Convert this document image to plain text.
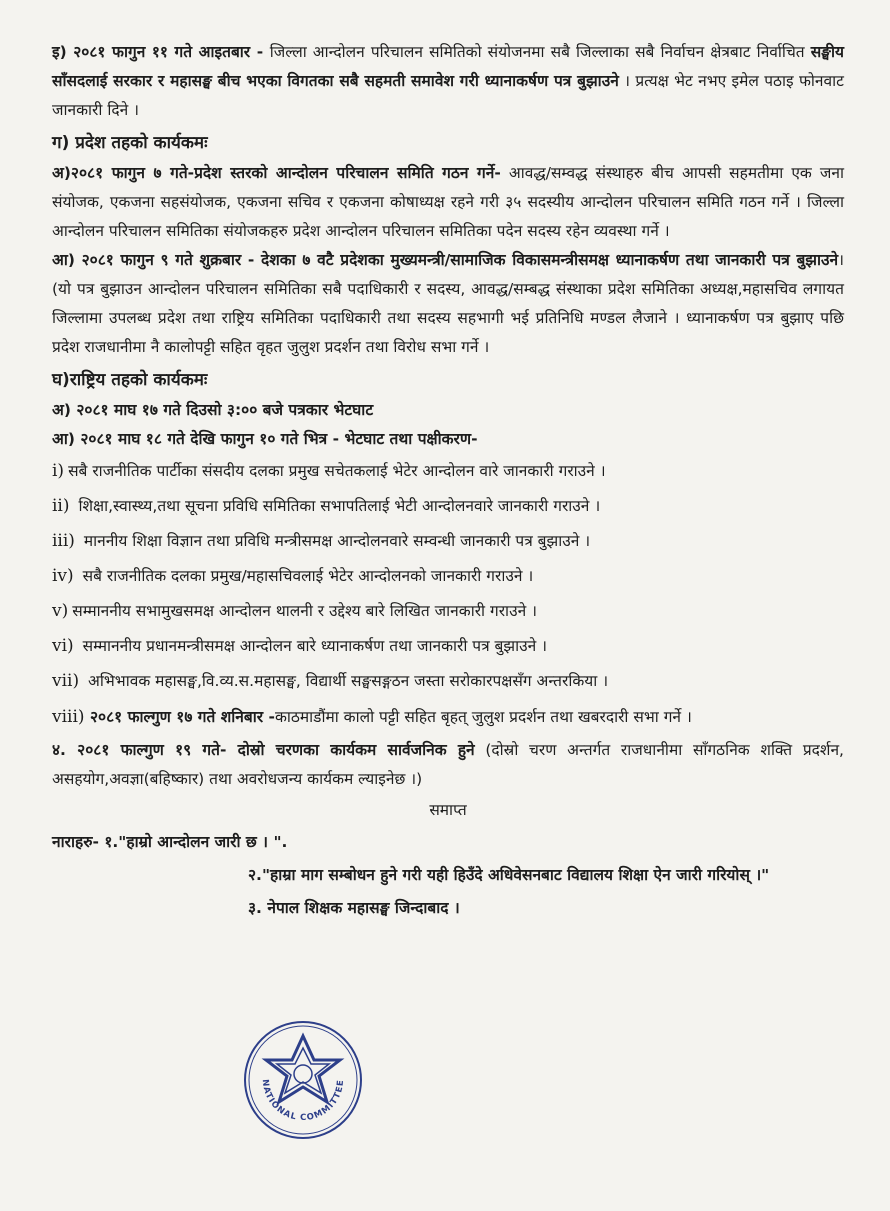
इ) २०८१ फागुन ११ गते आइतबार - जिल्ला आन्दोलन परिचालन समितिको संयोजनमा सबै जिल्लाका सबै निर्वाचन क्षेत्रबाट निर्वाचित सङ्घीय साँसदलाई सरकार र महासङ्घ बीच भएका विगतका सबै सहमती समावेश गरी ध्यानाकर्षण पत्र बुझाउने । प्रत्यक्ष भेट नभए इमेल पठाइ फोनवाट जानकारी दिने ।

ग) प्रदेश तहको कार्यकमः

अ)२०८१ फागुन ७ गते-प्रदेश स्तरको आन्दोलन परिचालन समिति गठन गर्ने- आवद्ध/सम्वद्ध संस्थाहरु बीच आपसी सहमतीमा एक जना संयोजक, एकजना सहसंयोजक, एकजना सचिव र एकजना कोषाध्यक्ष रहने गरी ३५ सदस्यीय आन्दोलन परिचालन समिति गठन गर्ने । जिल्ला आन्दोलन परिचालन समितिका संयोजकहरु प्रदेश आन्दोलन परिचालन समितिका पदेन सदस्य रहेन व्यवस्था गर्ने ।

आ) २०८१ फागुन ९ गते शुक्रबार - देशका ७ वटै प्रदेशका मुख्यमन्त्री/सामाजिक विकासमन्त्रीसमक्ष ध्यानाकर्षण तथा जानकारी पत्र बुझाउने। (यो पत्र बुझाउन आन्दोलन परिचालन समितिका सबै पदाधिकारी र सदस्य, आवद्ध/सम्बद्ध संस्थाका प्रदेश समितिका अध्यक्ष,महासचिव लगायत जिल्लामा उपलब्ध प्रदेश तथा राष्ट्रिय समितिका पदाधिकारी तथा सदस्य सहभागी भई प्रतिनिधि मण्डल लैजाने । ध्यानाकर्षण पत्र बुझाए पछि प्रदेश राजधानीमा नै कालोपट्टी सहित वृहत जुलुश प्रदर्शन तथा विरोध सभा गर्ने ।

घ)राष्ट्रिय तहको कार्यकमः

अ) २०८१ माघ १७ गते दिउसो ३:०० बजे पत्रकार भेटघाट

आ) २०८१ माघ १८ गते देखि फागुन १० गते भित्र - भेटघाट तथा पक्षीकरण-

i) सबै राजनीतिक पार्टीका संसदीय दलका प्रमुख सचेतकलाई भेटेर आन्दोलन वारे जानकारी गराउने ।

ii) शिक्षा,स्वास्थ्य,तथा सूचना प्रविधि समितिका सभापतिलाई भेटी आन्दोलनवारे जानकारी गराउने ।

iii) माननीय शिक्षा विज्ञान तथा प्रविधि मन्त्रीसमक्ष आन्दोलनवारे सम्वन्धी जानकारी पत्र बुझाउने ।

iv) सबै राजनीतिक दलका प्रमुख/महासचिवलाई भेटेर आन्दोलनको जानकारी गराउने ।

v) सम्माननीय सभामुखसमक्ष आन्दोलन थालनी र उद्देश्य बारे लिखित जानकारी गराउने ।

vi) सम्माननीय प्रधानमन्त्रीसमक्ष आन्दोलन बारे ध्यानाकर्षण तथा जानकारी पत्र बुझाउने ।

vii) अभिभावक महासङ्घ,वि.व्य.स.महासङ्घ, विद्यार्थी सङ्घसङ्गठन जस्ता सरोकारपक्षसँग अन्तरकिया ।

viii) २०८१ फाल्गुण १७ गते शनिबार -काठमाडौंमा कालो पट्टी सहित बृहत् जुलुश प्रदर्शन तथा खबरदारी सभा गर्ने ।

४. २०८१ फाल्गुण १९ गते- दोस्रो चरणका कार्यकम सार्वजनिक हुने (दोस्रो चरण अन्तर्गत राजधानीमा साँगठनिक शक्ति प्रदर्शन, असहयोग,अवज्ञा(बहिष्कार) तथा अवरोधजन्य कार्यकम ल्याइनेछ ।)

समाप्त

नाराहरु- १."हाम्रो आन्दोलन जारी छ । ".

२."हाम्रा माग सम्बोधन हुने गरी यही हिउँदे अधिवेसनबाट विद्यालय शिक्षा ऐन जारी गरियोस् ।"

३. नेपाल शिक्षक महासङ्घ जिन्दाबाद ।

NATIONAL COMMITTEE
